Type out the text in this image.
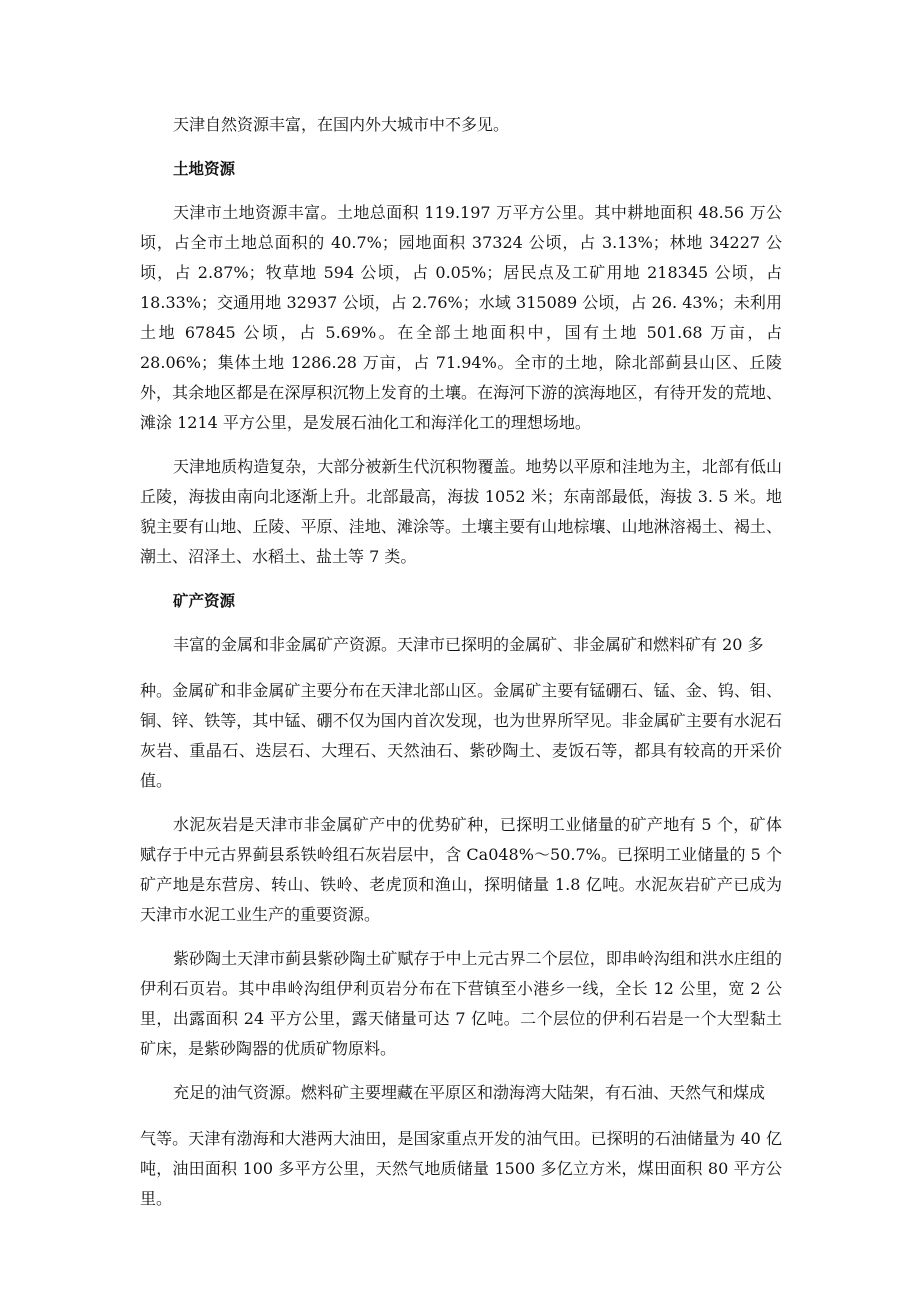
天津自然资源丰富，在国内外大城市中不多见。

土地资源

天津市土地资源丰富。土地总面积 119.197 万平方公里。其中耕地面积 48.56 万公顷，占全市土地总面积的 40.7%；园地面积 37324 公顷，占 3.13%；林地 34227 公顷，占 2.87%；牧草地 594 公顷，占 0.05%；居民点及工矿用地 218345 公顷，占 18.33%；交通用地 32937 公顷，占 2.76%；水域 315089 公顷，占 26. 43%；未利用土地 67845 公顷，占 5.69%。在全部土地面积中，国有土地 501.68 万亩，占 28.06%；集体土地 1286.28 万亩，占 71.94%。全市的土地，除北部蓟县山区、丘陵外，其余地区都是在深厚积沉物上发育的土壤。在海河下游的滨海地区，有待开发的荒地、滩涂 1214 平方公里，是发展石油化工和海洋化工的理想场地。

天津地质构造复杂，大部分被新生代沉积物覆盖。地势以平原和洼地为主，北部有低山丘陵，海拔由南向北逐渐上升。北部最高，海拔 1052 米；东南部最低，海拔 3. 5 米。地貌主要有山地、丘陵、平原、洼地、滩涂等。土壤主要有山地棕壤、山地淋溶褐土、褐土、潮土、沼泽土、水稻土、盐土等 7 类。

矿产资源

丰富的金属和非金属矿产资源。天津市已探明的金属矿、非金属矿和燃料矿有 20 多

种。金属矿和非金属矿主要分布在天津北部山区。金属矿主要有锰硼石、锰、金、钨、钼、铜、锌、铁等，其中锰、硼不仅为国内首次发现，也为世界所罕见。非金属矿主要有水泥石灰岩、重晶石、迭层石、大理石、天然油石、紫砂陶土、麦饭石等，都具有较高的开采价值。

水泥灰岩是天津市非金属矿产中的优势矿种，已探明工业储量的矿产地有 5 个，矿体赋存于中元古界蓟县系铁岭组石灰岩层中，含 Ca048%～50.7%。已探明工业储量的 5 个矿产地是东营房、转山、铁岭、老虎顶和渔山，探明储量 1.8 亿吨。水泥灰岩矿产已成为天津市水泥工业生产的重要资源。

紫砂陶土天津市蓟县紫砂陶土矿赋存于中上元古界二个层位，即串岭沟组和洪水庄组的伊利石页岩。其中串岭沟组伊利页岩分布在下营镇至小港乡一线，全长 12 公里，宽 2 公里，出露面积 24 平方公里，露天储量可达 7 亿吨。二个层位的伊利石岩是一个大型黏土矿床，是紫砂陶器的优质矿物原料。

充足的油气资源。燃料矿主要埋藏在平原区和渤海湾大陆架，有石油、天然气和煤成

气等。天津有渤海和大港两大油田，是国家重点开发的油气田。已探明的石油储量为 40 亿吨，油田面积 100 多平方公里，天然气地质储量 1500 多亿立方米，煤田面积 80 平方公里。
